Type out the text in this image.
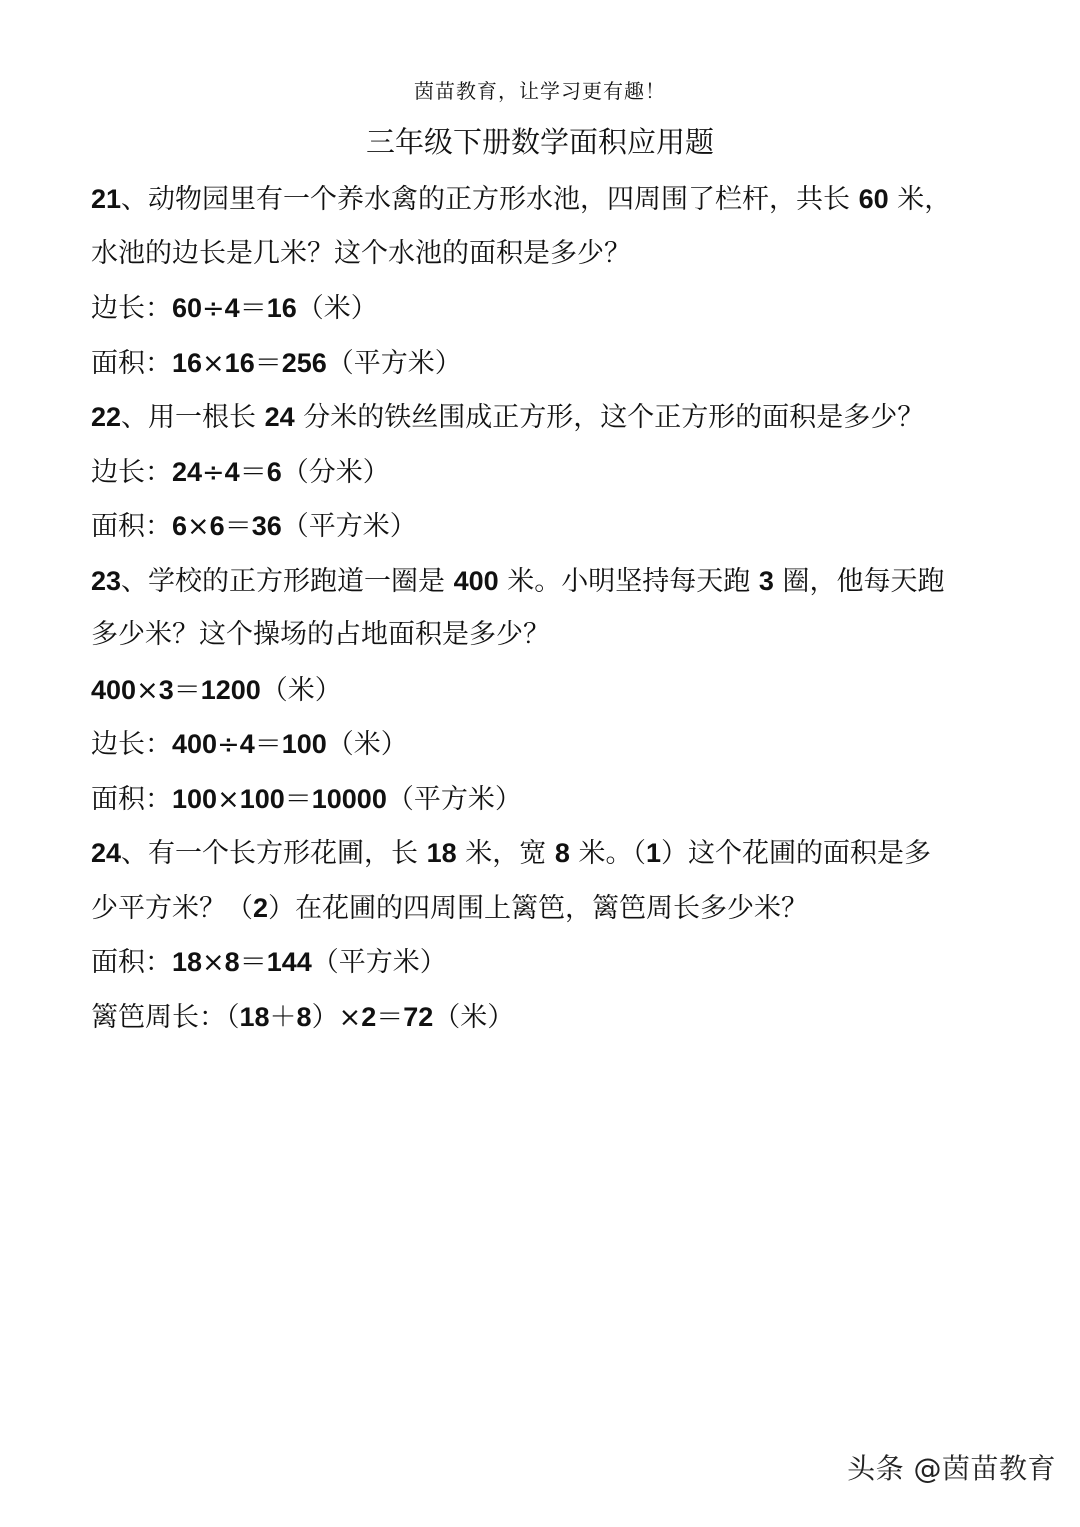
茵苗教育，让学习更有趣！
三年级下册数学面积应用题
21、动物园里有一个养水禽的正方形水池，四周围了栏杆，共长 60 米，
水池的边长是几米？这个水池的面积是多少？
边长：60÷4＝16（米）
面积：16×16＝256（平方米）
22、用一根长 24 分米的铁丝围成正方形，这个正方形的面积是多少？
边长：24÷4＝6（分米）
面积：6×6＝36（平方米）
23、学校的正方形跑道一圈是 400 米。小明坚持每天跑 3 圈，他每天跑
多少米？这个操场的占地面积是多少？
400×3＝1200（米）
边长：400÷4＝100（米）
面积：100×100＝10000（平方米）
24、有一个长方形花圃，长 18 米，宽 8 米。（1）这个花圃的面积是多
少平方米？（2）在花圃的四周围上篱笆，篱笆周长多少米？
面积：18×8＝144（平方米）
篱笆周长：（18＋8）×2＝72（米）
头条 @茵苗教育
